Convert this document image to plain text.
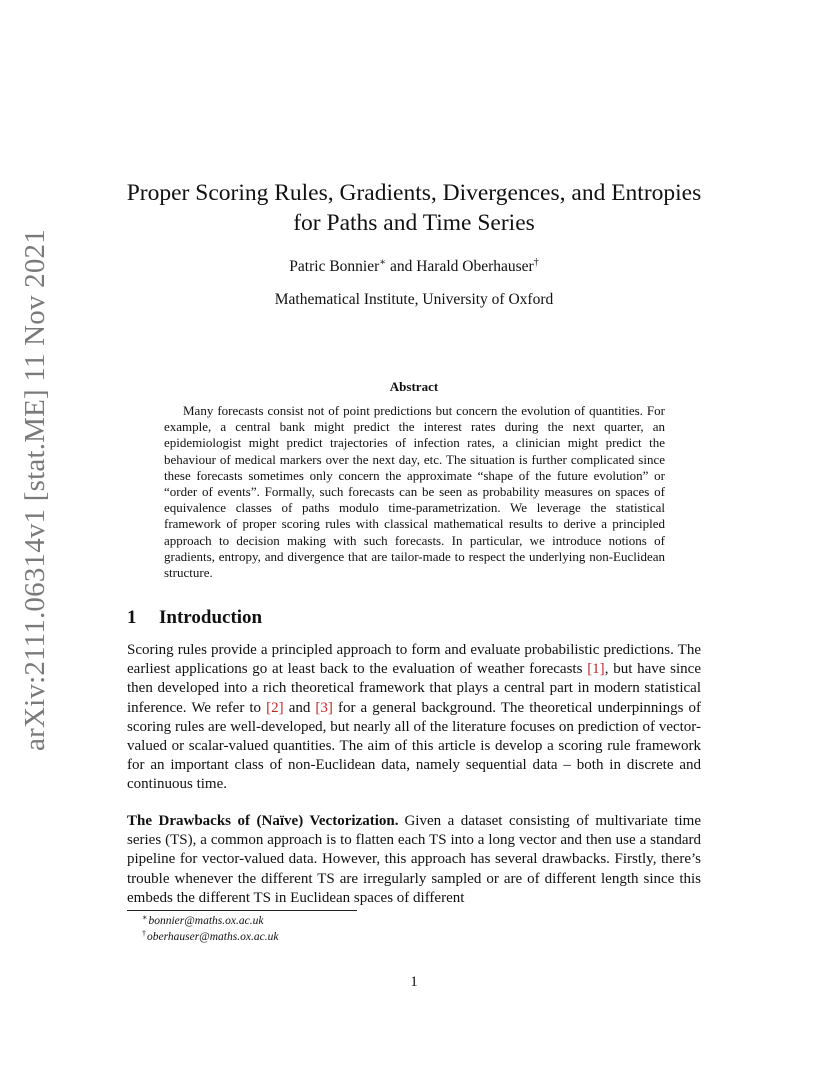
arXiv:2111.06314v1 [stat.ME] 11 Nov 2021
Proper Scoring Rules, Gradients, Divergences, and Entropies
for Paths and Time Series
Patric Bonnier∗ and Harald Oberhauser†
Mathematical Institute, University of Oxford
Abstract

Many forecasts consist not of point predictions but concern the evolution of quantities. For example, a central bank might predict the interest rates during the next quarter, an epidemiologist might predict trajectories of infection rates, a clinician might predict the behaviour of medical markers over the next day, etc. The situation is further complicated since these forecasts sometimes only concern the approximate “shape of the future evolution” or “order of events”. Formally, such forecasts can be seen as probability measures on spaces of equivalence classes of paths modulo time-parametrization. We leverage the statistical framework of proper scoring rules with classical mathematical results to derive a principled approach to decision making with such forecasts. In particular, we introduce notions of gradients, entropy, and divergence that are tailor-made to respect the underlying non-Euclidean structure.

1 Introduction

Scoring rules provide a principled approach to form and evaluate probabilistic predictions. The earliest applications go at least back to the evaluation of weather forecasts [1], but have since then developed into a rich theoretical framework that plays a central part in modern statistical inference. We refer to [2] and [3] for a general background. The theoretical underpinnings of scoring rules are well-developed, but nearly all of the literature focuses on prediction of vector-valued or scalar-valued quantities. The aim of this article is develop a scoring rule framework for an important class of non-Euclidean data, namely sequential data – both in discrete and continuous time.

The Drawbacks of (Naïve) Vectorization. Given a dataset consisting of multivariate time series (TS), a common approach is to flatten each TS into a long vector and then use a standard pipeline for vector-valued data. However, this approach has several drawbacks. Firstly, there’s trouble whenever the different TS are irregularly sampled or are of different length since this embeds the different TS in Euclidean spaces of different

∗bonnier@maths.ox.ac.uk
†oberhauser@maths.ox.ac.uk
1
